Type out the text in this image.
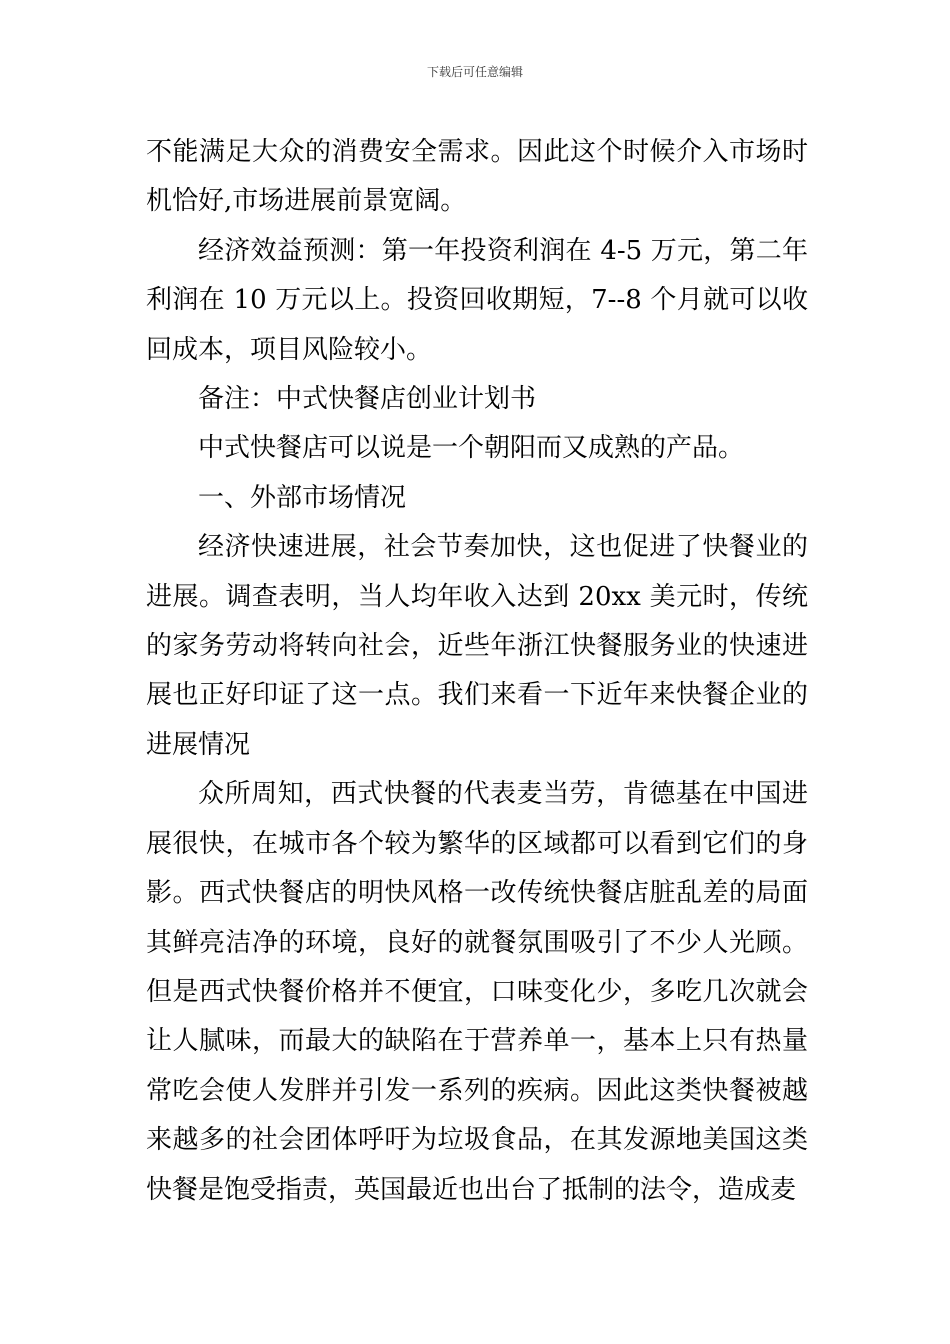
下载后可任意编辑

不能满足大众的消费安全需求。因此这个时候介入市场时机恰好,市场进展前景宽阔。

经济效益预测：第一年投资利润在 4-5 万元，第二年利润在 10 万元以上。投资回收期短，7--8 个月就可以收回成本，项目风险较小。

备注：中式快餐店创业计划书

中式快餐店可以说是一个朝阳而又成熟的产品。

一、外部市场情况

经济快速进展，社会节奏加快，这也促进了快餐业的进展。调查表明，当人均年收入达到 20xx 美元时，传统的家务劳动将转向社会，近些年浙江快餐服务业的快速进展也正好印证了这一点。我们来看一下近年来快餐企业的进展情况

众所周知，西式快餐的代表麦当劳，肯德基在中国进展很快，在城市各个较为繁华的区域都可以看到它们的身影。西式快餐店的明快风格一改传统快餐店脏乱差的局面其鲜亮洁净的环境，良好的就餐氛围吸引了不少人光顾。但是西式快餐价格并不便宜，口味变化少，多吃几次就会让人腻味，而最大的缺陷在于营养单一，基本上只有热量常吃会使人发胖并引发一系列的疾病。因此这类快餐被越来越多的社会团体呼吁为垃圾食品，在其发源地美国这类快餐是饱受指责，英国最近也出台了抵制的法令，造成麦
